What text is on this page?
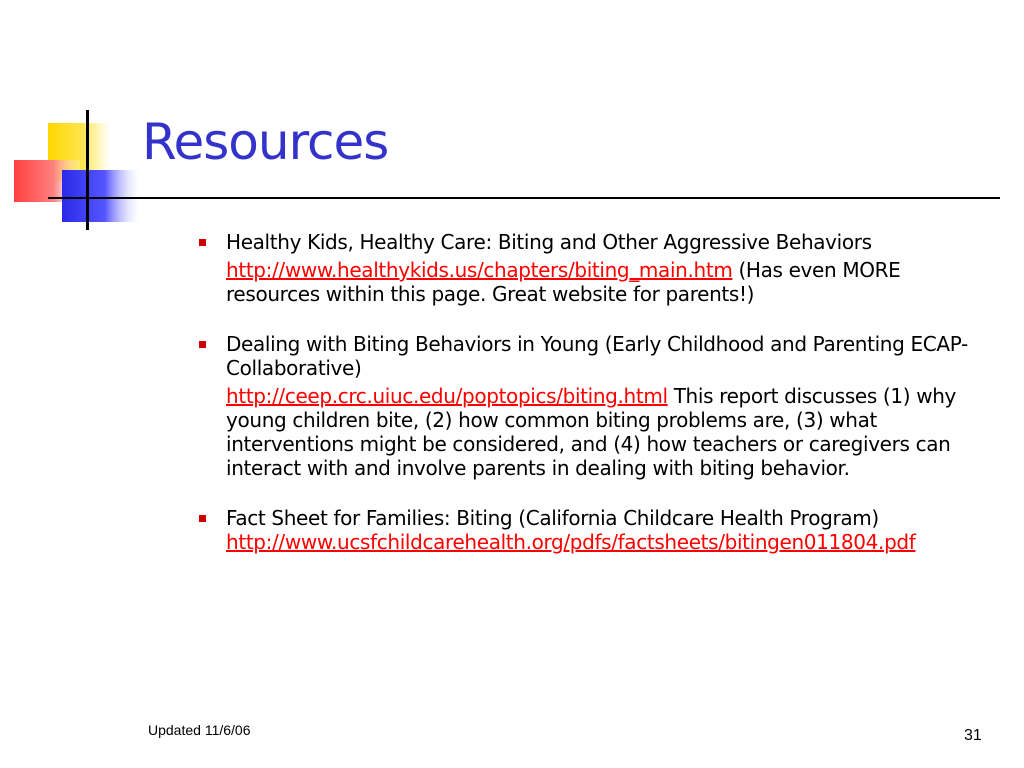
Resources
Healthy Kids, Healthy Care: Biting and Other Aggressive Behaviors
http://www.healthykids.us/chapters/biting_main.htm (Has even MORE resources within this page. Great website for parents!)
Dealing with Biting Behaviors in Young (Early Childhood and Parenting ECAP-Collaborative)
http://ceep.crc.uiuc.edu/poptopics/biting.html This report discusses (1) why young children bite, (2) how common biting problems are, (3) what interventions might be considered, and (4) how teachers or caregivers can interact with and involve parents in dealing with biting behavior.
Fact Sheet for Families: Biting (California Childcare Health Program)
http://www.ucsfchildcarehealth.org/pdfs/factsheets/bitingen011804.pdf
Updated 11/6/06	31
